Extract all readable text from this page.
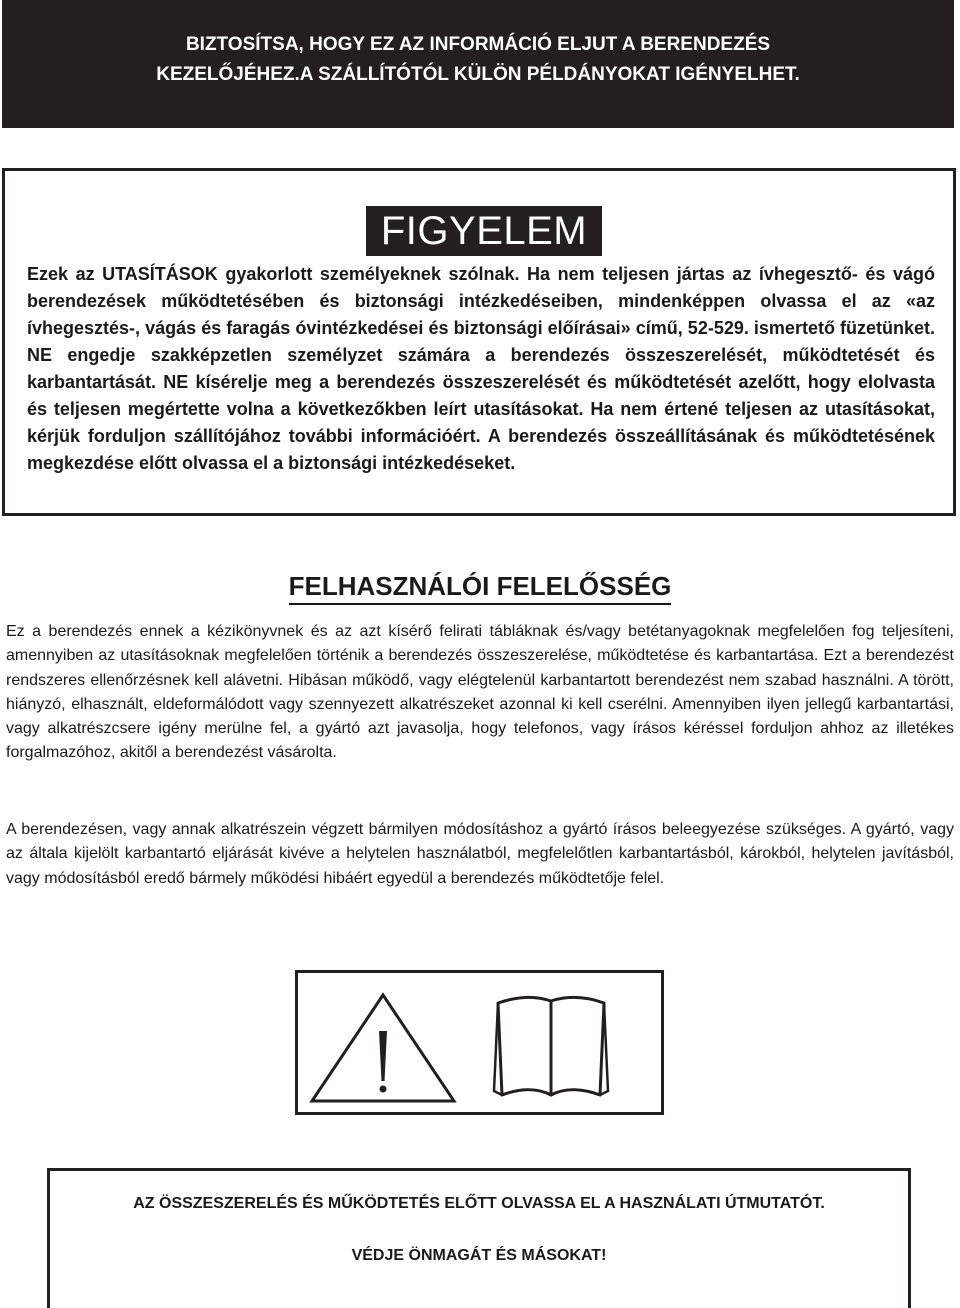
BIZTOSÍTSA, HOGY EZ AZ INFORMÁCIÓ ELJUT A BERENDEZÉS
KEZELŐJÉHEZ.A SZÁLLÍTÓTÓL KÜLÖN PÉLDÁNYOKAT IGÉNYELHET.
FIGYELEM
Ezek az UTASÍTÁSOK gyakorlott személyeknek szólnak. Ha nem teljesen jártas az ívhegesztő- és vágó berendezések működtetésében és biztonsági intézkedéseiben, mindenképpen olvassa el az «az ívhegesztés-, vágás és faragás óvintézkedései és biztonsági előírásai» című, 52-529. ismertető füzetünket. NE engedje szakképzetlen személyzet számára a berendezés összeszerelését, működtetését és karbantartását. NE kísérelje meg a berendezés összeszerelését és működtetését azelőtt, hogy elolvasta és teljesen megértette volna a következőkben leírt utasításokat. Ha nem értené teljesen az utasításokat, kérjük forduljon szállítójához további információért. A berendezés összeállításának és működtetésének megkezdése előtt olvassa el a biztonsági intézkedéseket.
FELHASZNÁLÓI FELELŐSSÉG
Ez a berendezés ennek a kézikönyvnek és az azt kísérő felirati tábláknak és/vagy betétanyagoknak megfelelően fog teljesíteni, amennyiben az utasításoknak megfelelően történik a berendezés összeszerelése, működtetése és karbantartása. Ezt a berendezést rendszeres ellenőrzésnek kell alávetni. Hibásan működő, vagy elégtelenül karbantartott berendezést nem szabad használni. A törött, hiányzó, elhasznált, eldeformálódott vagy szennyezett alkatrészeket azonnal ki kell cserélni. Amennyiben ilyen jellegű karbantartási, vagy alkatrészcsere igény merülne fel, a gyártó azt javasolja, hogy telefonos, vagy írásos kéréssel forduljon ahhoz az illetékes forgalmazóhoz, akitől a berendezést vásárolta.
A berendezésen, vagy annak alkatrészein végzett bármilyen módosításhoz a gyártó írásos beleegyezése szükséges. A gyártó, vagy az általa kijelölt karbantartó eljárását kivéve a helytelen használatból, megfelelőtlen karbantartásból, károkból, helytelen javításból, vagy módosításból eredő bármely működési hibáért egyedül a berendezés működtetője felel.
AZ ÖSSZESZERELÉS ÉS MŰKÖDTETÉS ELŐTT OLVASSA EL A HASZNÁLATI ÚTMUTATÓT.
VÉDJE ÖNMAGÁT ÉS MÁSOKAT!
